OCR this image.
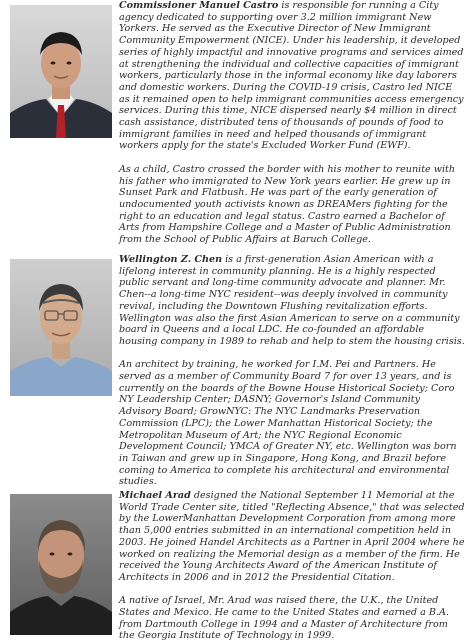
Commissioner Manuel Castro is responsible for running a City agency dedicated to supporting over 3.2 million immigrant New Yorkers. He served as the Executive Director of New Immigrant Community Empowerment (NICE). Under his leadership, it developed series of highly impactful and innovative programs and services aimed at strengthening the individual and collective capacities of immigrant workers, particularly those in the informal economy like day laborers and domestic workers. During the COVID-19 crisis, Castro led NICE as it remained open to help immigrant communities access emergency services. During this time, NICE dispersed nearly $4 million in direct cash assistance, distributed tens of thousands of pounds of food to immigrant families in need and helped thousands of immigrant workers apply for the state's Excluded Worker Fund (EWF).

As a child, Castro crossed the border with his mother to reunite with his father who immigrated to New York years earlier. He grew up in Sunset Park and Flatbush. He was part of the early generation of undocumented youth activists known as DREAMers fighting for the right to an education and legal status. Castro earned a Bachelor of Arts from Hampshire College and a Master of Public Administration from the School of Public Affairs at Baruch College.

Wellington Z. Chen is a first-generation Asian American with a lifelong interest in community planning. He is a highly respected public servant and long-time community advocate and planner. Mr. Chen--a long-time NYC resident--was deeply involved in community revival, including the Downtown Flushing revitalization efforts. Wellington was also the first Asian American to serve on a community board in Queens and a local LDC. He co-founded an affordable housing company in 1989 to rehab and help to stem the housing crisis.

An architect by training, he worked for I.M. Pei and Partners. He served as a member of Community Board 7 for over 13 years, and is currently on the boards of the Bowne House Historical Society; Coro NY Leadership Center; DASNY; Governor's Island Community Advisory Board; GrowNYC: The NYC Landmarks Preservation Commission (LPC); the Lower Manhattan Historical Society; the Metropolitan Museum of Art; the NYC Regional Economic Development Council; YMCA of Greater NY, etc. Wellington was born in Taiwan and grew up in Singapore, Hong Kong, and Brazil before coming to America to complete his architectural and environmental studies.

Michael Arad designed the National September 11 Memorial at the World Trade Center site, titled "Reflecting Absence," that was selected by the LowerManhattan Development Corporation from among more than 5,000 entries submitted in an international competition held in 2003. He joined Handel Architects as a Partner in April 2004 where he worked on realizing the Memorial design as a member of the firm. He received the Young Architects Award of the American Institute of Architects in 2006 and in 2012 the Presidential Citation.

A native of Israel, Mr. Arad was raised there, the U.K., the United States and Mexico. He came to the United States and earned a B.A. from Dartmouth College in 1994 and a Master of Architecture from the Georgia Institute of Technology in 1999.
